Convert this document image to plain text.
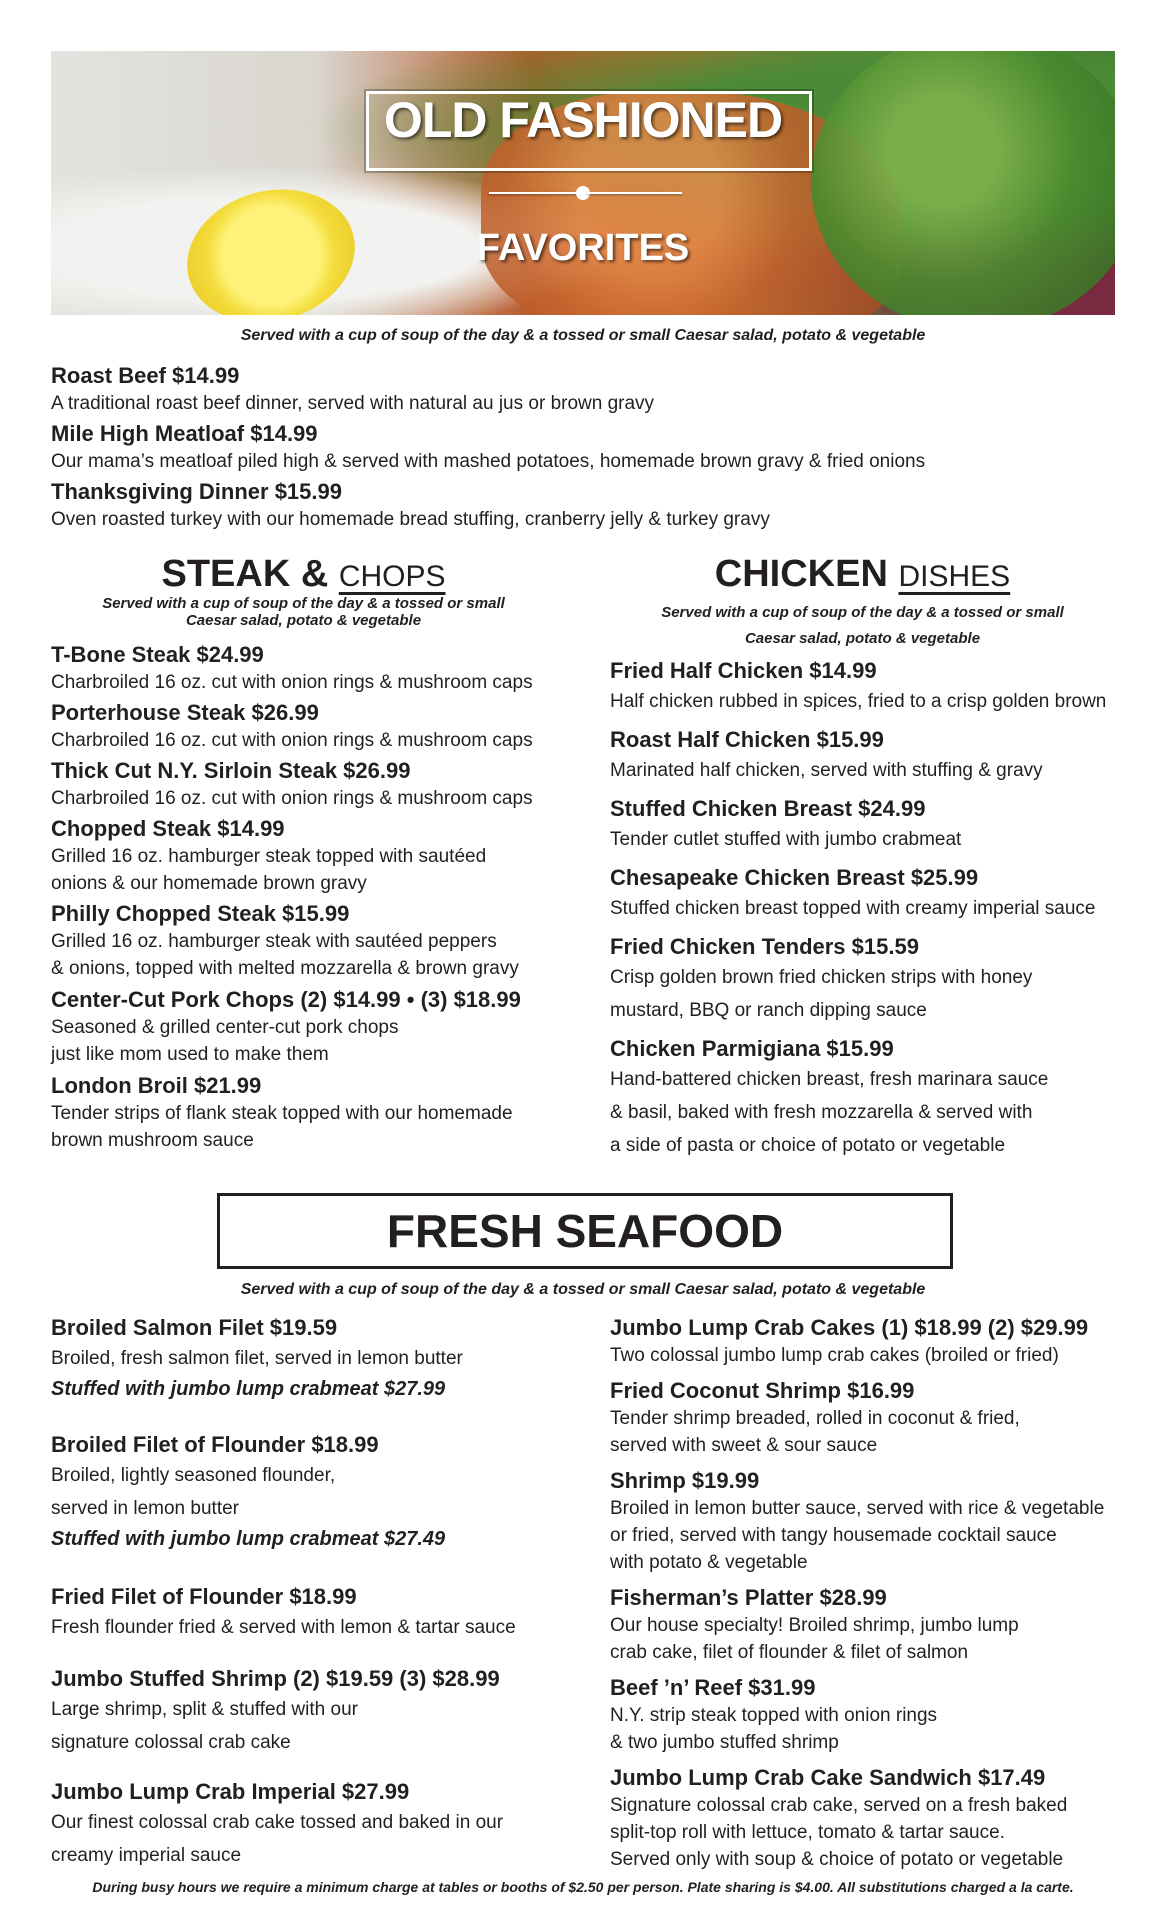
OLD FASHIONED
FAVORITES
Served with a cup of soup of the day & a tossed or small Caesar salad, potato & vegetable
Roast Beef $14.99
A traditional roast beef dinner, served with natural au jus or brown gravy
Mile High Meatloaf $14.99
Our mama’s meatloaf piled high & served with mashed potatoes, homemade brown gravy & fried onions
Thanksgiving Dinner $15.99
Oven roasted turkey with our homemade bread stuffing, cranberry jelly & turkey gravy
STEAK & CHOPS
Served with a cup of soup of the day & a tossed or small
Caesar salad, potato & vegetable
T-Bone Steak $24.99
Charbroiled 16 oz. cut with onion rings & mushroom caps
Porterhouse Steak $26.99
Charbroiled 16 oz. cut with onion rings & mushroom caps
Thick Cut N.Y. Sirloin Steak $26.99
Charbroiled 16 oz. cut with onion rings & mushroom caps
Chopped Steak $14.99
Grilled 16 oz. hamburger steak topped with sautéed
onions & our homemade brown gravy
Philly Chopped Steak $15.99
Grilled 16 oz. hamburger steak with sautéed peppers
& onions, topped with melted mozzarella & brown gravy
Center-Cut Pork Chops (2) $14.99 • (3) $18.99
Seasoned & grilled center-cut pork chops
just like mom used to make them
London Broil $21.99
Tender strips of flank steak topped with our homemade
brown mushroom sauce
CHICKEN DISHES
Served with a cup of soup of the day & a tossed or small
Caesar salad, potato & vegetable
Fried Half Chicken $14.99
Half chicken rubbed in spices, fried to a crisp golden brown
Roast Half Chicken $15.99
Marinated half chicken, served with stuffing & gravy
Stuffed Chicken Breast $24.99
Tender cutlet stuffed with jumbo crabmeat
Chesapeake Chicken Breast $25.99
Stuffed chicken breast topped with creamy imperial sauce
Fried Chicken Tenders $15.59
Crisp golden brown fried chicken strips with honey
mustard, BBQ or ranch dipping sauce
Chicken Parmigiana $15.99
Hand-battered chicken breast, fresh marinara sauce
& basil, baked with fresh mozzarella & served with
a side of pasta or choice of potato or vegetable
FRESH SEAFOOD
Served with a cup of soup of the day & a tossed or small Caesar salad, potato & vegetable
Broiled Salmon Filet $19.59
Broiled, fresh salmon filet, served in lemon butter
Stuffed with jumbo lump crabmeat $27.99
Broiled Filet of Flounder $18.99
Broiled, lightly seasoned flounder,
served in lemon butter
Stuffed with jumbo lump crabmeat $27.49
Fried Filet of Flounder $18.99
Fresh flounder fried & served with lemon & tartar sauce
Jumbo Stuffed Shrimp (2) $19.59 (3) $28.99
Large shrimp, split & stuffed with our
signature colossal crab cake
Jumbo Lump Crab Imperial $27.99
Our finest colossal crab cake tossed and baked in our
creamy imperial sauce
Jumbo Lump Crab Cakes (1) $18.99 (2) $29.99
Two colossal jumbo lump crab cakes (broiled or fried)
Fried Coconut Shrimp $16.99
Tender shrimp breaded, rolled in coconut & fried,
served with sweet & sour sauce
Shrimp $19.99
Broiled in lemon butter sauce, served with rice & vegetable
or fried, served with tangy housemade cocktail sauce
with potato & vegetable
Fisherman’s Platter $28.99
Our house specialty! Broiled shrimp, jumbo lump
crab cake, filet of flounder & filet of salmon
Beef ’n’ Reef $31.99
N.Y. strip steak topped with onion rings
& two jumbo stuffed shrimp
Jumbo Lump Crab Cake Sandwich $17.49
Signature colossal crab cake, served on a fresh baked
split-top roll with lettuce, tomato & tartar sauce.
Served only with soup & choice of potato or vegetable
During busy hours we require a minimum charge at tables or booths of $2.50 per person. Plate sharing is $4.00. All substitutions charged a la carte.
